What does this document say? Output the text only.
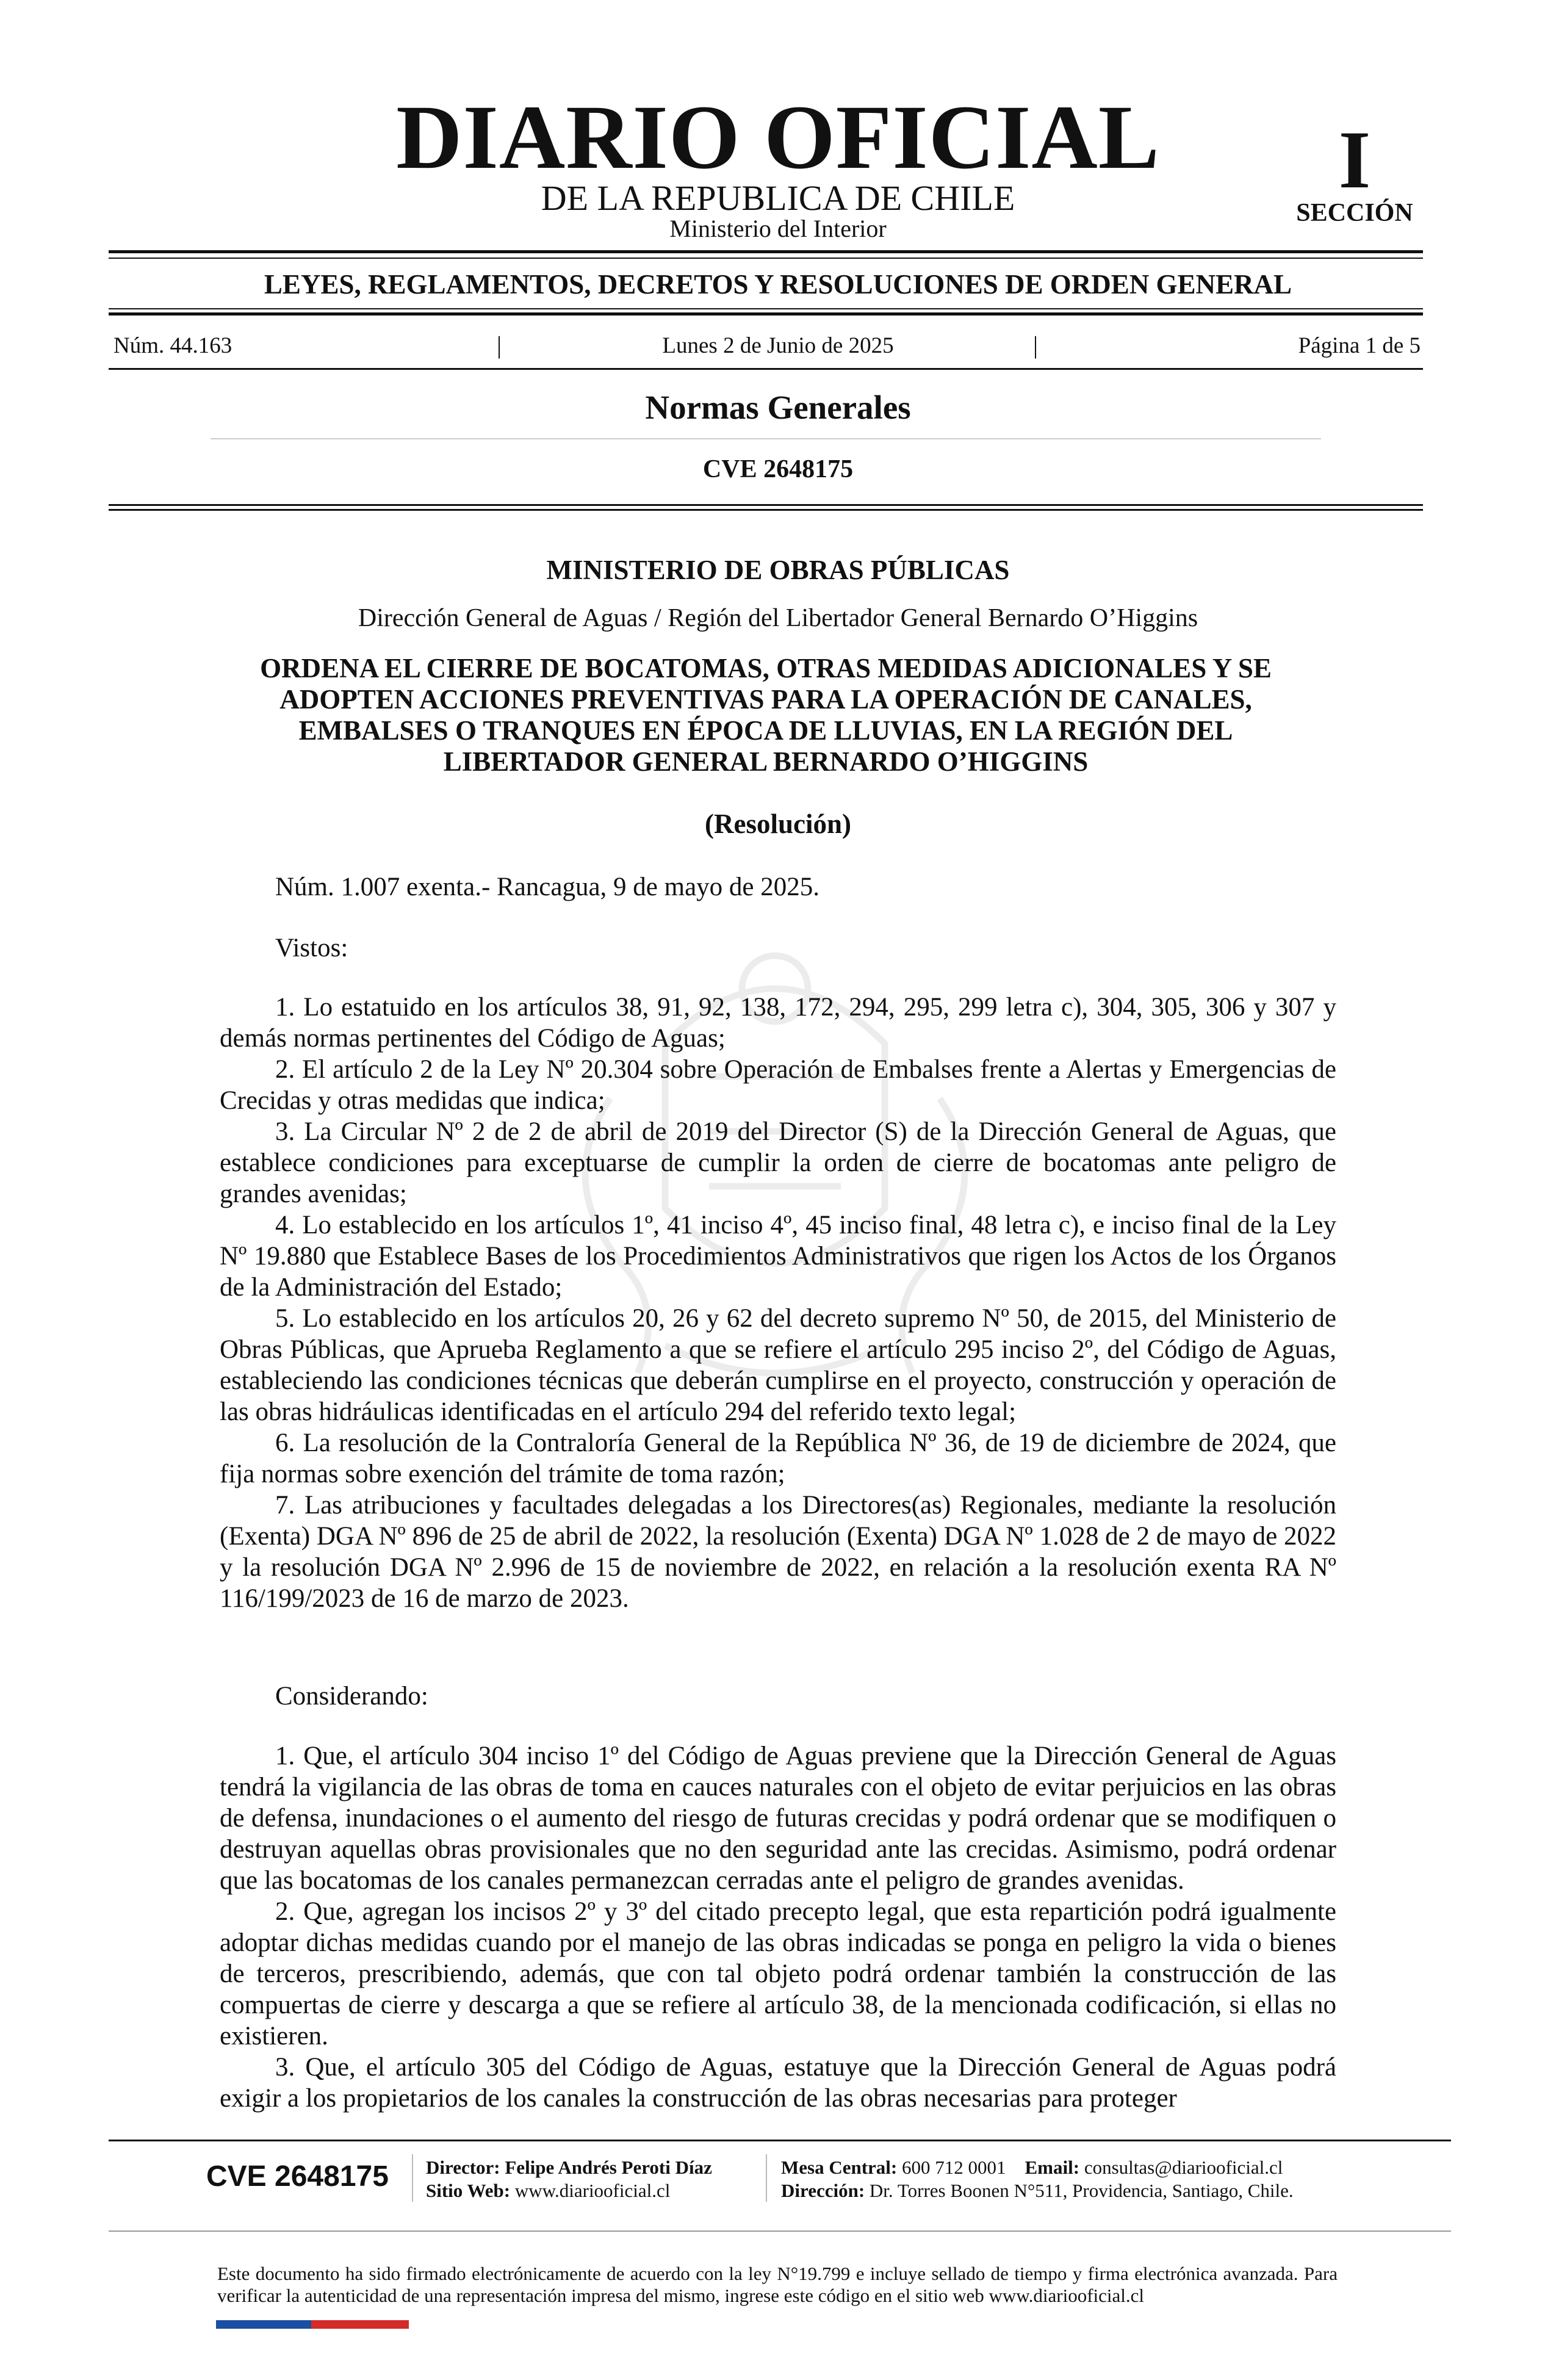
DIARIO OFICIAL
DE LA REPUBLICA DE CHILE
Ministerio del Interior
I
SECCIÓN
LEYES, REGLAMENTOS, DECRETOS Y RESOLUCIONES DE ORDEN GENERAL
Núm. 44.163	|	Lunes 2 de Junio de 2025	|	Página 1 de 5
Normas Generales
CVE 2648175
MINISTERIO DE OBRAS PÚBLICAS
Dirección General de Aguas / Región del Libertador General Bernardo O’Higgins
ORDENA EL CIERRE DE BOCATOMAS, OTRAS MEDIDAS ADICIONALES Y SE
ADOPTEN ACCIONES PREVENTIVAS PARA LA OPERACIÓN DE CANALES,
EMBALSES O TRANQUES EN ÉPOCA DE LLUVIAS, EN LA REGIÓN DEL
LIBERTADOR GENERAL BERNARDO O’HIGGINS
(Resolución)
Núm. 1.007 exenta.- Rancagua, 9 de mayo de 2025.
Vistos:

1. Lo estatuido en los artículos 38, 91, 92, 138, 172, 294, 295, 299 letra c), 304, 305, 306 y 307 y demás normas pertinentes del Código de Aguas;

2. El artículo 2 de la Ley Nº 20.304 sobre Operación de Embalses frente a Alertas y Emergencias de Crecidas y otras medidas que indica;

3. La Circular Nº 2 de 2 de abril de 2019 del Director (S) de la Dirección General de Aguas, que establece condiciones para exceptuarse de cumplir la orden de cierre de bocatomas ante peligro de grandes avenidas;

4. Lo establecido en los artículos 1º, 41 inciso 4º, 45 inciso final, 48 letra c), e inciso final de la Ley Nº 19.880 que Establece Bases de los Procedimientos Administrativos que rigen los Actos de los Órganos de la Administración del Estado;

5. Lo establecido en los artículos 20, 26 y 62 del decreto supremo Nº 50, de 2015, del Ministerio de Obras Públicas, que Aprueba Reglamento a que se refiere el artículo 295 inciso 2º, del Código de Aguas, estableciendo las condiciones técnicas que deberán cumplirse en el proyecto, construcción y operación de las obras hidráulicas identificadas en el artículo 294 del referido texto legal;

6. La resolución de la Contraloría General de la República Nº 36, de 19 de diciembre de 2024, que fija normas sobre exención del trámite de toma razón;

7. Las atribuciones y facultades delegadas a los Directores(as) Regionales, mediante la resolución (Exenta) DGA Nº 896 de 25 de abril de 2022, la resolución (Exenta) DGA Nº 1.028 de 2 de mayo de 2022 y la resolución DGA Nº 2.996 de 15 de noviembre de 2022, en relación a la resolución exenta RA Nº 116/199/2023 de 16 de marzo de 2023.

Considerando:

1. Que, el artículo 304 inciso 1º del Código de Aguas previene que la Dirección General de Aguas tendrá la vigilancia de las obras de toma en cauces naturales con el objeto de evitar perjuicios en las obras de defensa, inundaciones o el aumento del riesgo de futuras crecidas y podrá ordenar que se modifiquen o destruyan aquellas obras provisionales que no den seguridad ante las crecidas. Asimismo, podrá ordenar que las bocatomas de los canales permanezcan cerradas ante el peligro de grandes avenidas.

2. Que, agregan los incisos 2º y 3º del citado precepto legal, que esta repartición podrá igualmente adoptar dichas medidas cuando por el manejo de las obras indicadas se ponga en peligro la vida o bienes de terceros, prescribiendo, además, que con tal objeto podrá ordenar también la construcción de las compuertas de cierre y descarga a que se refiere al artículo 38, de la mencionada codificación, si ellas no existieren.

3. Que, el artículo 305 del Código de Aguas, estatuye que la Dirección General de Aguas podrá exigir a los propietarios de los canales la construcción de las obras necesarias para proteger

CVE 2648175 Director: Felipe Andrés Peroti Díaz
Sitio Web: www.diariooficial.cl
Mesa Central: 600 712 0001 Email: consultas@diariooficial.cl
Dirección: Dr. Torres Boonen N°511, Providencia, Santiago, Chile.
Este documento ha sido firmado electrónicamente de acuerdo con la ley N°19.799 e incluye sellado de tiempo y firma electrónica avanzada. Para verificar la autenticidad de una representación impresa del mismo, ingrese este código en el sitio web www.diariooficial.cl
